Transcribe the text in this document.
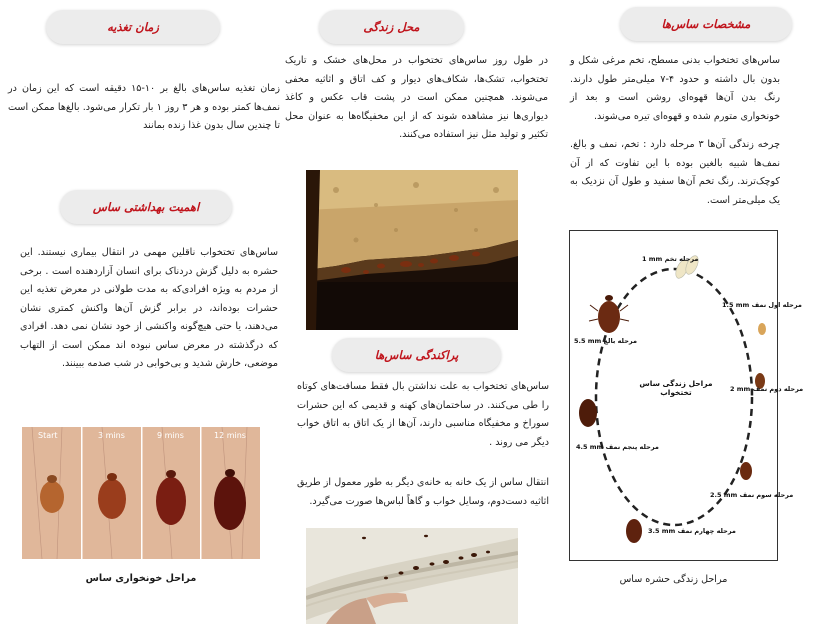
مشخصات سا‌س‌ها
محل زندگی
زمان تغذیه
اهمیت بهداشتی ساس
پراکندگی ساس‌ها

ساس‌های تختخواب بدنی مسطح، تخم مرغی شکل و بدون بال داشته و حدود ۴-۷ میلی‌متر طول دارند. رنگ بدن آن‌ها قهوه‌ای روشن است و بعد از خونخواری متورم شده و قهوه‌ای تیره می‌شوند.

چرخه زندگی آن‌ها ۳ مرحله دارد : تخم، نمف و بالغ. نمف‌ها شبیه بالغین بوده با این تفاوت که از آن کوچک‌ترند. رنگ تخم آن‌ها سفید و طول آن نزدیک به یک میلی‌متر است.

در طول روز ساس‌های تختخواب در محل‌های خشک و تاریک تختخواب، تشک‌ها، شکاف‌های دیوار و کف اتاق و اثاثیه مخفی می‌شوند. همچنین ممکن است در پشت قاب عکس و کاغذ دیواری‌ها نیز مشاهده شوند که از این مخفیگاه‌ها به عنوان محل تکثیر و تولید مثل نیز استفاده می‌کنند.

زمان تغذیه ساس‌های بالغ بر ۱۰-۱۵ دقیقه است که این زمان در نمف‌ها کمتر بوده و هر ۳ روز ۱ بار تکرار می‌شود. بالغ‌ها ممکن است تا چندین سال بدون غذا زنده بمانند

ساس‌های تختخواب ناقلین مهمی در انتقال بیماری نیستند. این حشره به دلیل گزش دردناک برای انسان آزاردهنده است . برخی از مردم به ویژه افرادی‌که به مدت طولانی در معرض تغذیه این حشرات بوده‌اند، در برابر گزش آن‌ها واکنش کمتری نشان می‌دهند، یا حتی هیچ‌گونه واکنشی از خود نشان نمی دهد. افرادی که درگذشته در معرض ساس نبوده اند ممکن است از التهاب موضعی، خارش شدید و بی‌خوابی در شب صدمه ببینند.

ساس‌های تختخواب به علت نداشتن بال فقط مسافت‌های کوتاه را طی می‌کنند. در ساختمان‌های کهنه و قدیمی که این حشرات سوراخ و مخفیگاه مناسبی دارند، آن‌ها از یک اتاق به اتاق خواب دیگر می روند .

انتقال ساس از یک خانه به خانه‌ی دیگر به طور معمول از طریق اثاثیه دست‌دوم، وسایل خواب و گاهاً لباس‌ها صورت می‌گیرد.

Start	3 mins	9 mins	12 mins
مراحل زندگی ساس تختخواب
مرحله تخم 1 mm
مرحله اول نمف 1.5 mm
مرحله دوم نمف 2 mm
مرحله سوم نمف 2.5 mm
مرحله چهارم نمف 3.5 mm
مرحله پنجم نمف 4.5 mm
مرحله بالغ 5.5 mm
مراحل زندگی حشره ساس
مراحل خونخواری ساس
